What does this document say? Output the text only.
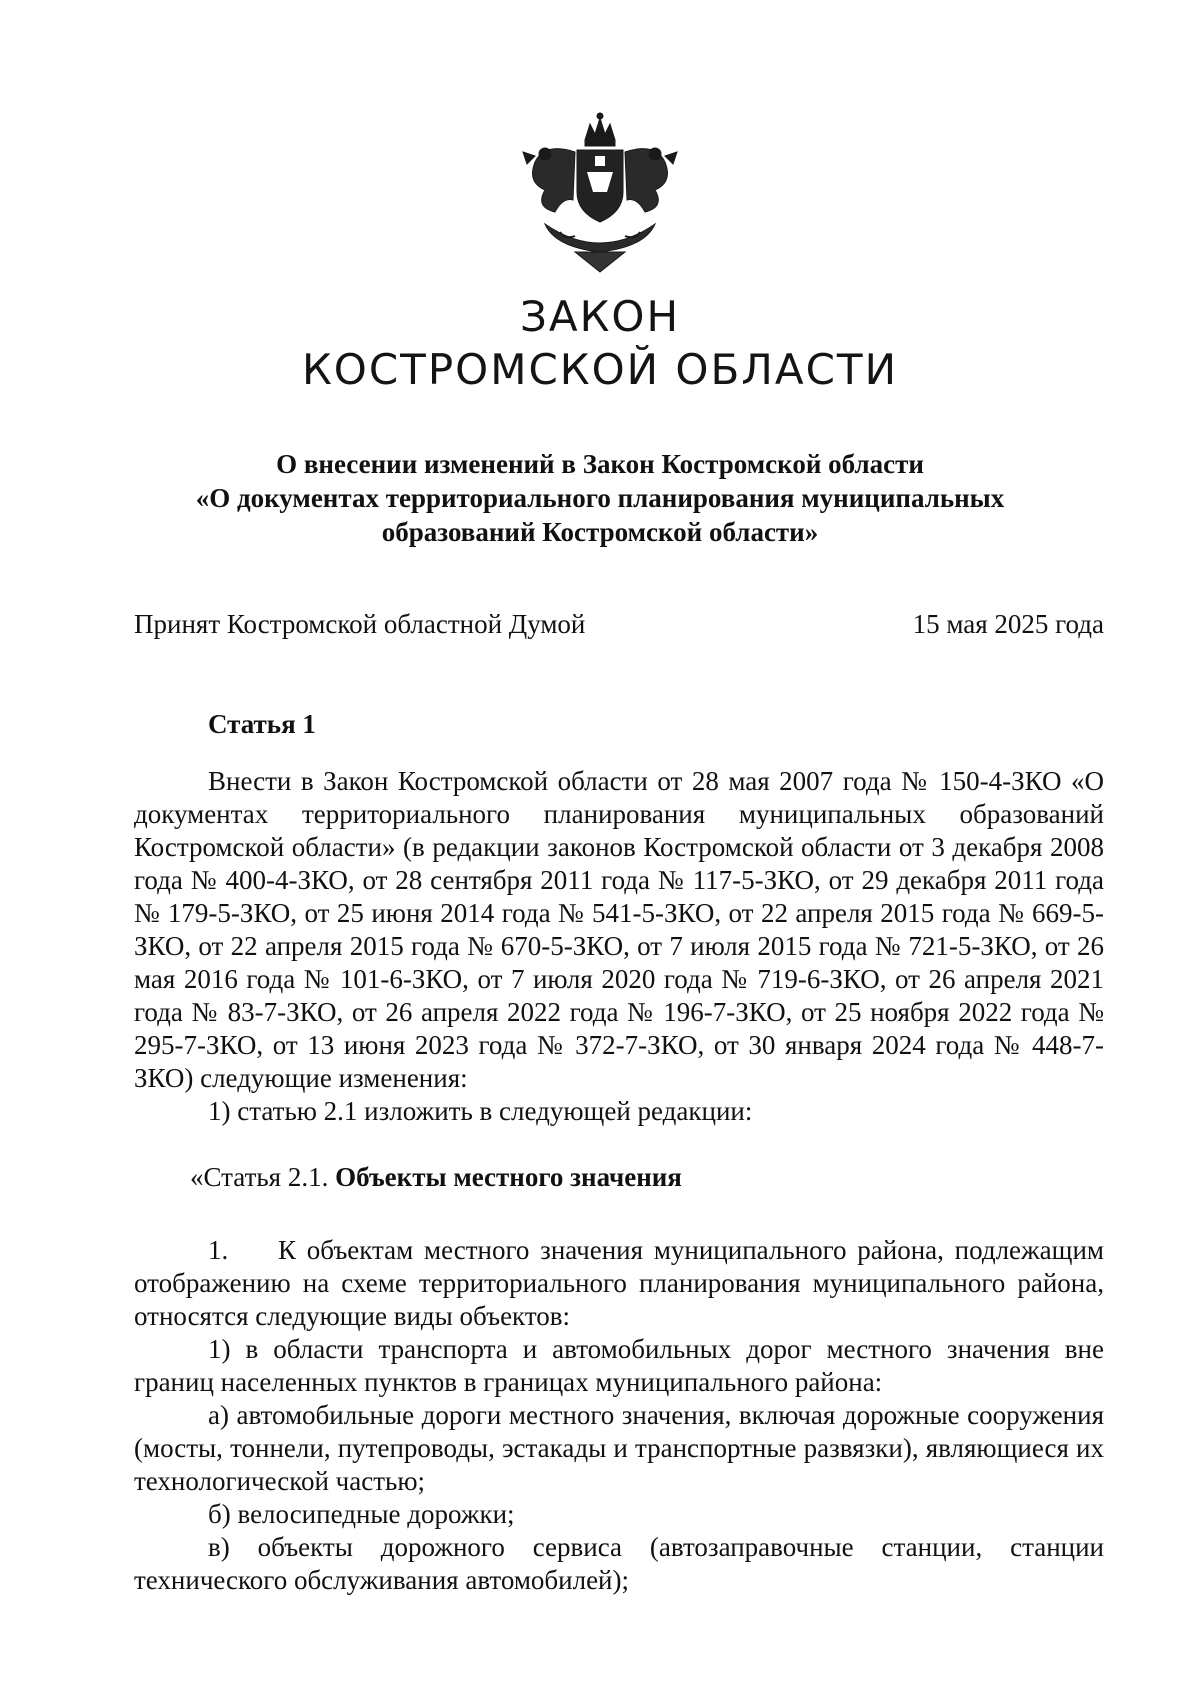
ЗАКОН
КОСТРОМСКОЙ ОБЛАСТИ
О внесении изменений в Закон Костромской области
«О документах территориального планирования муниципальных
образований Костромской области»
Принят Костромской областной Думой	15 мая 2025 года
Статья 1

Внести в Закон Костромской области от 28 мая 2007 года № 150-4-ЗКО «О документах территориального планирования муниципальных образований Костромской области» (в редакции законов Костромской области от 3 декабря 2008 года № 400-4-ЗКО, от 28 сентября 2011 года № 117-5-ЗКО, от 29 декабря 2011 года № 179-5-ЗКО, от 25 июня 2014 года № 541-5-ЗКО, от 22 апреля 2015 года № 669-5-ЗКО, от 22 апреля 2015 года № 670-5-ЗКО, от 7 июля 2015 года № 721-5-ЗКО, от 26 мая 2016 года № 101-6-ЗКО, от 7 июля 2020 года № 719-6-ЗКО, от 26 апреля 2021 года № 83-7-ЗКО, от 26 апреля 2022 года № 196-7-ЗКО, от 25 ноября 2022 года № 295-7-ЗКО, от 13 июня 2023 года № 372-7-ЗКО, от 30 января 2024 года № 448-7-ЗКО) следующие изменения:

1) статью 2.1 изложить в следующей редакции:

«Статья 2.1. Объекты местного значения

1. К объектам местного значения муниципального района, подлежащим отображению на схеме территориального планирования муниципального района, относятся следующие виды объектов:

1) в области транспорта и автомобильных дорог местного значения вне границ населенных пунктов в границах муниципального района:

а) автомобильные дороги местного значения, включая дорожные сооружения (мосты, тоннели, путепроводы, эстакады и транспортные развязки), являющиеся их технологической частью;

б) велосипедные дорожки;

в) объекты дорожного сервиса (автозаправочные станции, станции технического обслуживания автомобилей);
